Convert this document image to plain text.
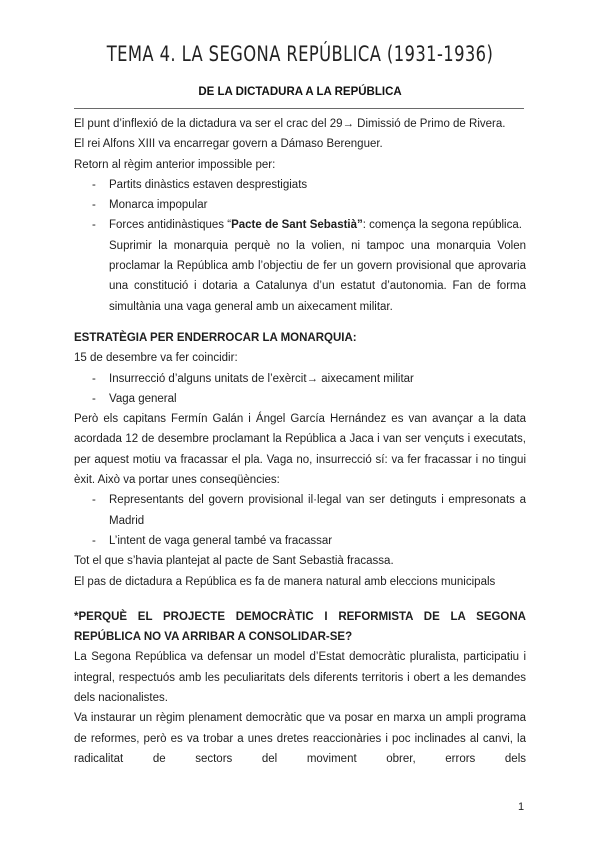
TEMA 4. LA SEGONA REPÚBLICA (1931-1936)
DE LA DICTADURA A LA REPÚBLICA

El punt d’inflexió de la dictadura va ser el crac del 29→ Dimissió de Primo de Rivera.

El rei Alfons XIII va encarregar govern a Dámaso Berenguer.

Retorn al règim anterior impossible per:

- Partits dinàstics estaven desprestigiats

- Monarca impopular

- Forces antidinàstiques “Pacte de Sant Sebastià”: comença la segona república.

Suprimir la monarquia perquè no la volien, ni tampoc una monarquia Volen proclamar la República amb l’objectiu de fer un govern provisional que aprovaria una constitució i dotaria a Catalunya d’un estatut d’autonomia. Fan de forma simultània una vaga general amb un aixecament militar.

ESTRATÈGIA PER ENDERROCAR LA MONARQUIA:

15 de desembre va fer coincidir:

- Insurrecció d’alguns unitats de l’exèrcit→ aixecament militar

- Vaga general

Però els capitans Fermín Galán i Ángel García Hernández es van avançar a la data acordada 12 de desembre proclamant la República a Jaca i van ser vençuts i executats, per aquest motiu va fracassar el pla. Vaga no, insurrecció sí: va fer fracassar i no tingui èxit. Això va portar unes conseqüències:

- Representants del govern provisional il·legal van ser detinguts i empresonats a Madrid

- L’intent de vaga general també va fracassar

Tot el que s’havia plantejat al pacte de Sant Sebastià fracassa.

El pas de dictadura a República es fa de manera natural amb eleccions municipals

*PERQUÈ EL PROJECTE DEMOCRÀTIC I REFORMISTA DE LA SEGONA REPÚBLICA NO VA ARRIBAR A CONSOLIDAR-SE?

La Segona República va defensar un model d’Estat democràtic pluralista, participatiu i integral, respectuós amb les peculiaritats dels diferents territoris i obert a les demandes dels nacionalistes.

Va instaurar un règim plenament democràtic que va posar en marxa un ampli programa de reformes, però es va trobar a unes dretes reaccionàries i poc inclinades al canvi, la radicalitat de sectors del moviment obrer, errors dels

1
